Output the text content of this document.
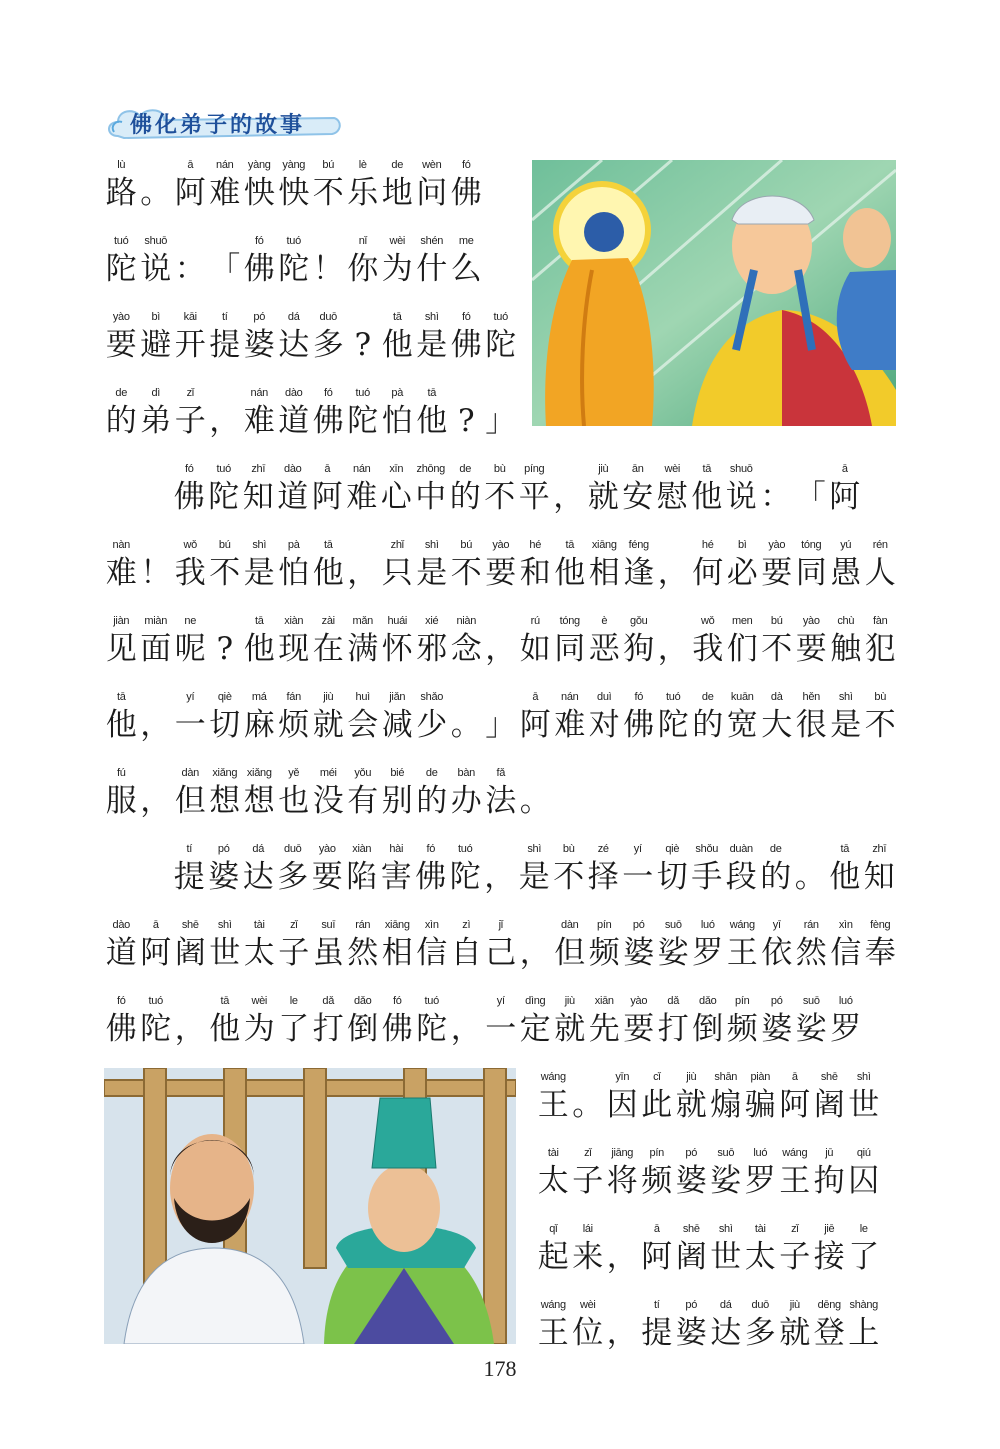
佛化弟子的故事
lù
路 。
ā
阿
nán
难
yàng
怏
yàng
怏
bú
不
lè
乐
de
地
wèn
问
fó
佛
tuó
陀
shuō
说 ： 「
fó
佛
tuó
陀 ！
nǐ
你
wèi
为
shén
什
me
么
yào
要
bì
避
kāi
开
tí
提
pó
婆
dá
达
duō
多 ?
tā
他
shì
是
fó
佛
tuó
陀
de
的
dì
弟
zǐ
子 ，
nán
难
dào
道
fó
佛
tuó
陀
pà
怕
tā
他 ? 」
fó
佛
tuó
陀
zhī
知
dào
道
ā
阿
nán
难
xīn
心
zhōng
中
de
的
bù
不
píng
平 ，
jiù
就
ān
安
wèi
慰
tā
他
shuō
说 ： 「
ā
阿
nàn
难 ！
wǒ
我
bú
不
shì
是
pà
怕
tā
他 ，
zhǐ
只
shì
是
bú
不
yào
要
hé
和
tā
他
xiāng
相
féng
逢 ，
hé
何
bì
必
yào
要
tóng
同
yú
愚
rén
人
jiàn
见
miàn
面
ne
呢 ?
tā
他
xiàn
现
zài
在
mǎn
满
huái
怀
xié
邪
niàn
念 ，
rú
如
tóng
同
è
恶
gǒu
狗 ，
wǒ
我
men
们
bú
不
yào
要
chù
触
fàn
犯
tā
他 ，
yí
一
qiè
切
má
麻
fán
烦
jiù
就
huì
会
jiǎn
减
shǎo
少 。 」
ā
阿
nán
难
duì
对
fó
佛
tuó
陀
de
的
kuān
宽
dà
大
hěn
很
shì
是
bù
不
fú
服 ，
dàn
但
xiǎng
想
xiǎng
想
yě
也
méi
没
yǒu
有
bié
别
de
的
bàn
办
fǎ
法 。
tí
提
pó
婆
dá
达
duō
多
yào
要
xiàn
陷
hài
害
fó
佛
tuó
陀 ，
shì
是
bù
不
zé
择
yí
一
qiè
切
shǒu
手
duàn
段
de
的 。
tā
他
zhī
知
dào
道
ā
阿
shē
阇
shì
世
tài
太
zǐ
子
suī
虽
rán
然
xiāng
相
xìn
信
zì
自
jǐ
己 ，
dàn
但
pín
频
pó
婆
suō
娑
luó
罗
wáng
王
yī
依
rán
然
xìn
信
fèng
奉
fó
佛
tuó
陀 ，
tā
他
wèi
为
le
了
dǎ
打
dǎo
倒
fó
佛
tuó
陀 ，
yí
一
dìng
定
jiù
就
xiān
先
yào
要
dǎ
打
dǎo
倒
pín
频
pó
婆
suō
娑
luó
罗
wáng
王 。
yīn
因
cǐ
此
jiù
就
shān
煽
piàn
骗
ā
阿
shē
阇
shì
世
tài
太
zǐ
子
jiāng
将
pín
频
pó
婆
suō
娑
luó
罗
wáng
王
jū
拘
qiú
囚
qǐ
起
lái
来 ，
ā
阿
shē
阇
shì
世
tài
太
zǐ
子
jiē
接
le
了
wáng
王
wèi
位 ，
tí
提
pó
婆
dá
达
duō
多
jiù
就
dēng
登
shàng
上
178
